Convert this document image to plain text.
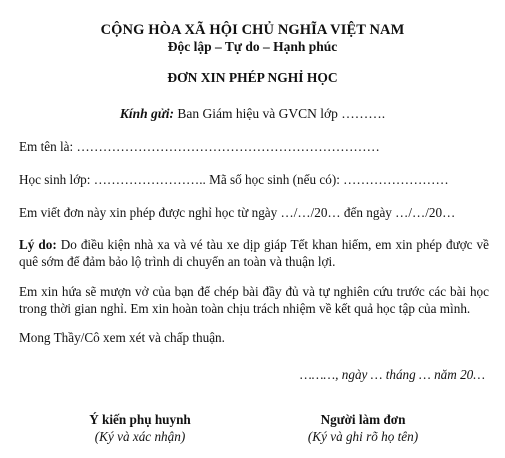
CỘNG HÒA XÃ HỘI CHỦ NGHĨA VIỆT NAM
Độc lập – Tự do – Hạnh phúc
ĐƠN XIN PHÉP NGHỈ HỌC
Kính gửi: Ban Giám hiệu và GVCN lớp ……….
Em tên là: ……………………………………………………………
Học sinh lớp: …………………….. Mã số học sinh (nếu có): ……………………
Em viết đơn này xin phép được nghỉ học từ ngày …/…/20… đến ngày …/…/20…
Lý do: Do điều kiện nhà xa và vé tàu xe dịp giáp Tết khan hiếm, em xin phép được về quê sớm để đảm bảo lộ trình di chuyển an toàn và thuận lợi.
Em xin hứa sẽ mượn vở của bạn để chép bài đầy đủ và tự nghiên cứu trước các bài học trong thời gian nghỉ. Em xin hoàn toàn chịu trách nhiệm về kết quả học tập của mình.
Mong Thầy/Cô xem xét và chấp thuận.
………, ngày … tháng … năm 20…
Ý kiến phụ huynh
(Ký và xác nhận)
Người làm đơn
(Ký và ghi rõ họ tên)
